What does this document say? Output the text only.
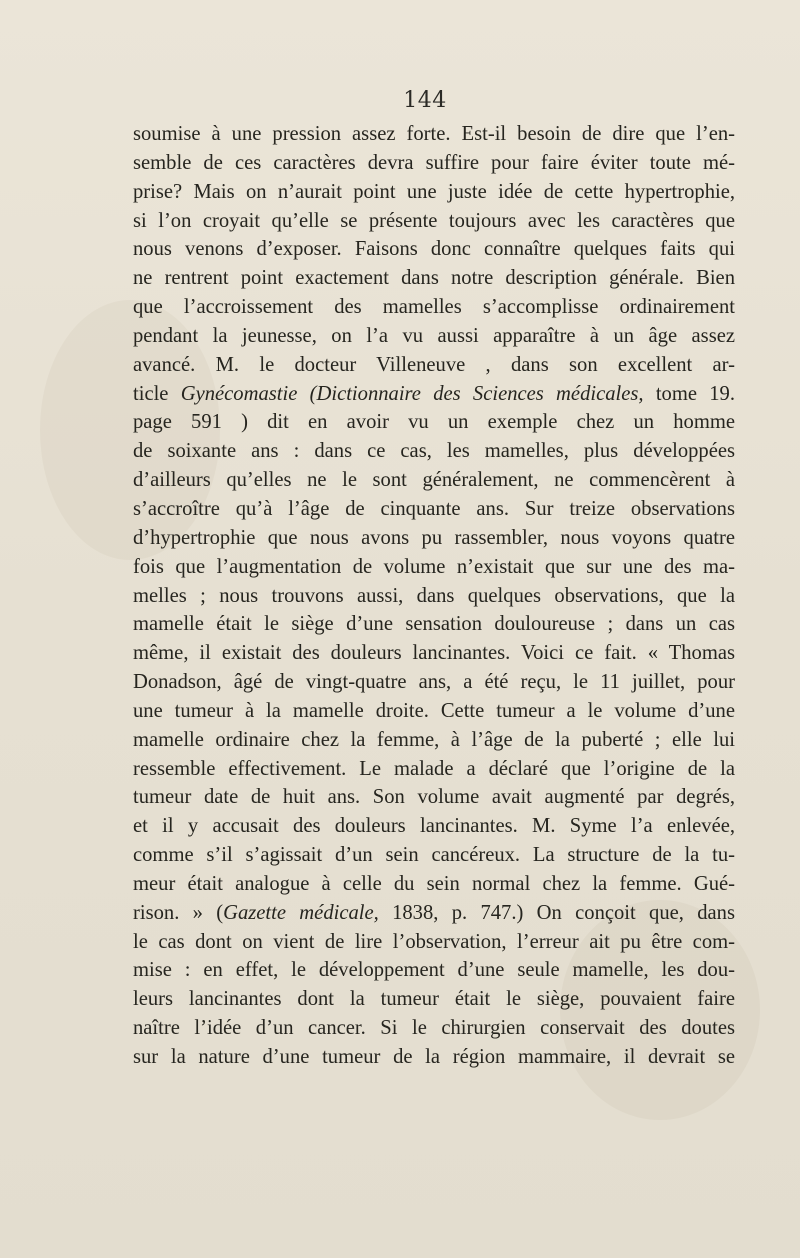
144
soumise à une pression assez forte. Est-il besoin de dire que l’en-
semble de ces caractères devra suffire pour faire éviter toute mé-
prise? Mais on n’aurait point une juste idée de cette hypertrophie,
si l’on croyait qu’elle se présente toujours avec les caractères que
nous venons d’exposer. Faisons donc connaître quelques faits qui
ne rentrent point exactement dans notre description générale. Bien
que l’accroissement des mamelles s’accomplisse ordinairement
pendant la jeunesse, on l’a vu aussi apparaître à un âge assez
avancé. M. le docteur Villeneuve , dans son excellent ar-
ticle Gynécomastie (Dictionnaire des Sciences médicales, tome 19.
page 591 ) dit en avoir vu un exemple chez un homme
de soixante ans : dans ce cas, les mamelles, plus développées
d’ailleurs qu’elles ne le sont généralement, ne commencèrent à
s’accroître qu’à l’âge de cinquante ans. Sur treize observations
d’hypertrophie que nous avons pu rassembler, nous voyons quatre
fois que l’augmentation de volume n’existait que sur une des ma-
melles ; nous trouvons aussi, dans quelques observations, que la
mamelle était le siège d’une sensation douloureuse ; dans un cas
même, il existait des douleurs lancinantes. Voici ce fait. « Thomas
Donadson, âgé de vingt-quatre ans, a été reçu, le 11 juillet, pour
une tumeur à la mamelle droite. Cette tumeur a le volume d’une
mamelle ordinaire chez la femme, à l’âge de la puberté ; elle lui
ressemble effectivement. Le malade a déclaré que l’origine de la
tumeur date de huit ans. Son volume avait augmenté par degrés,
et il y accusait des douleurs lancinantes. M. Syme l’a enlevée,
comme s’il s’agissait d’un sein cancéreux. La structure de la tu-
meur était analogue à celle du sein normal chez la femme. Gué-
rison. » (Gazette médicale, 1838, p. 747.) On conçoit que, dans
le cas dont on vient de lire l’observation, l’erreur ait pu être com-
mise : en effet, le développement d’une seule mamelle, les dou-
leurs lancinantes dont la tumeur était le siège, pouvaient faire
naître l’idée d’un cancer. Si le chirurgien conservait des doutes
sur la nature d’une tumeur de la région mammaire, il devrait se
